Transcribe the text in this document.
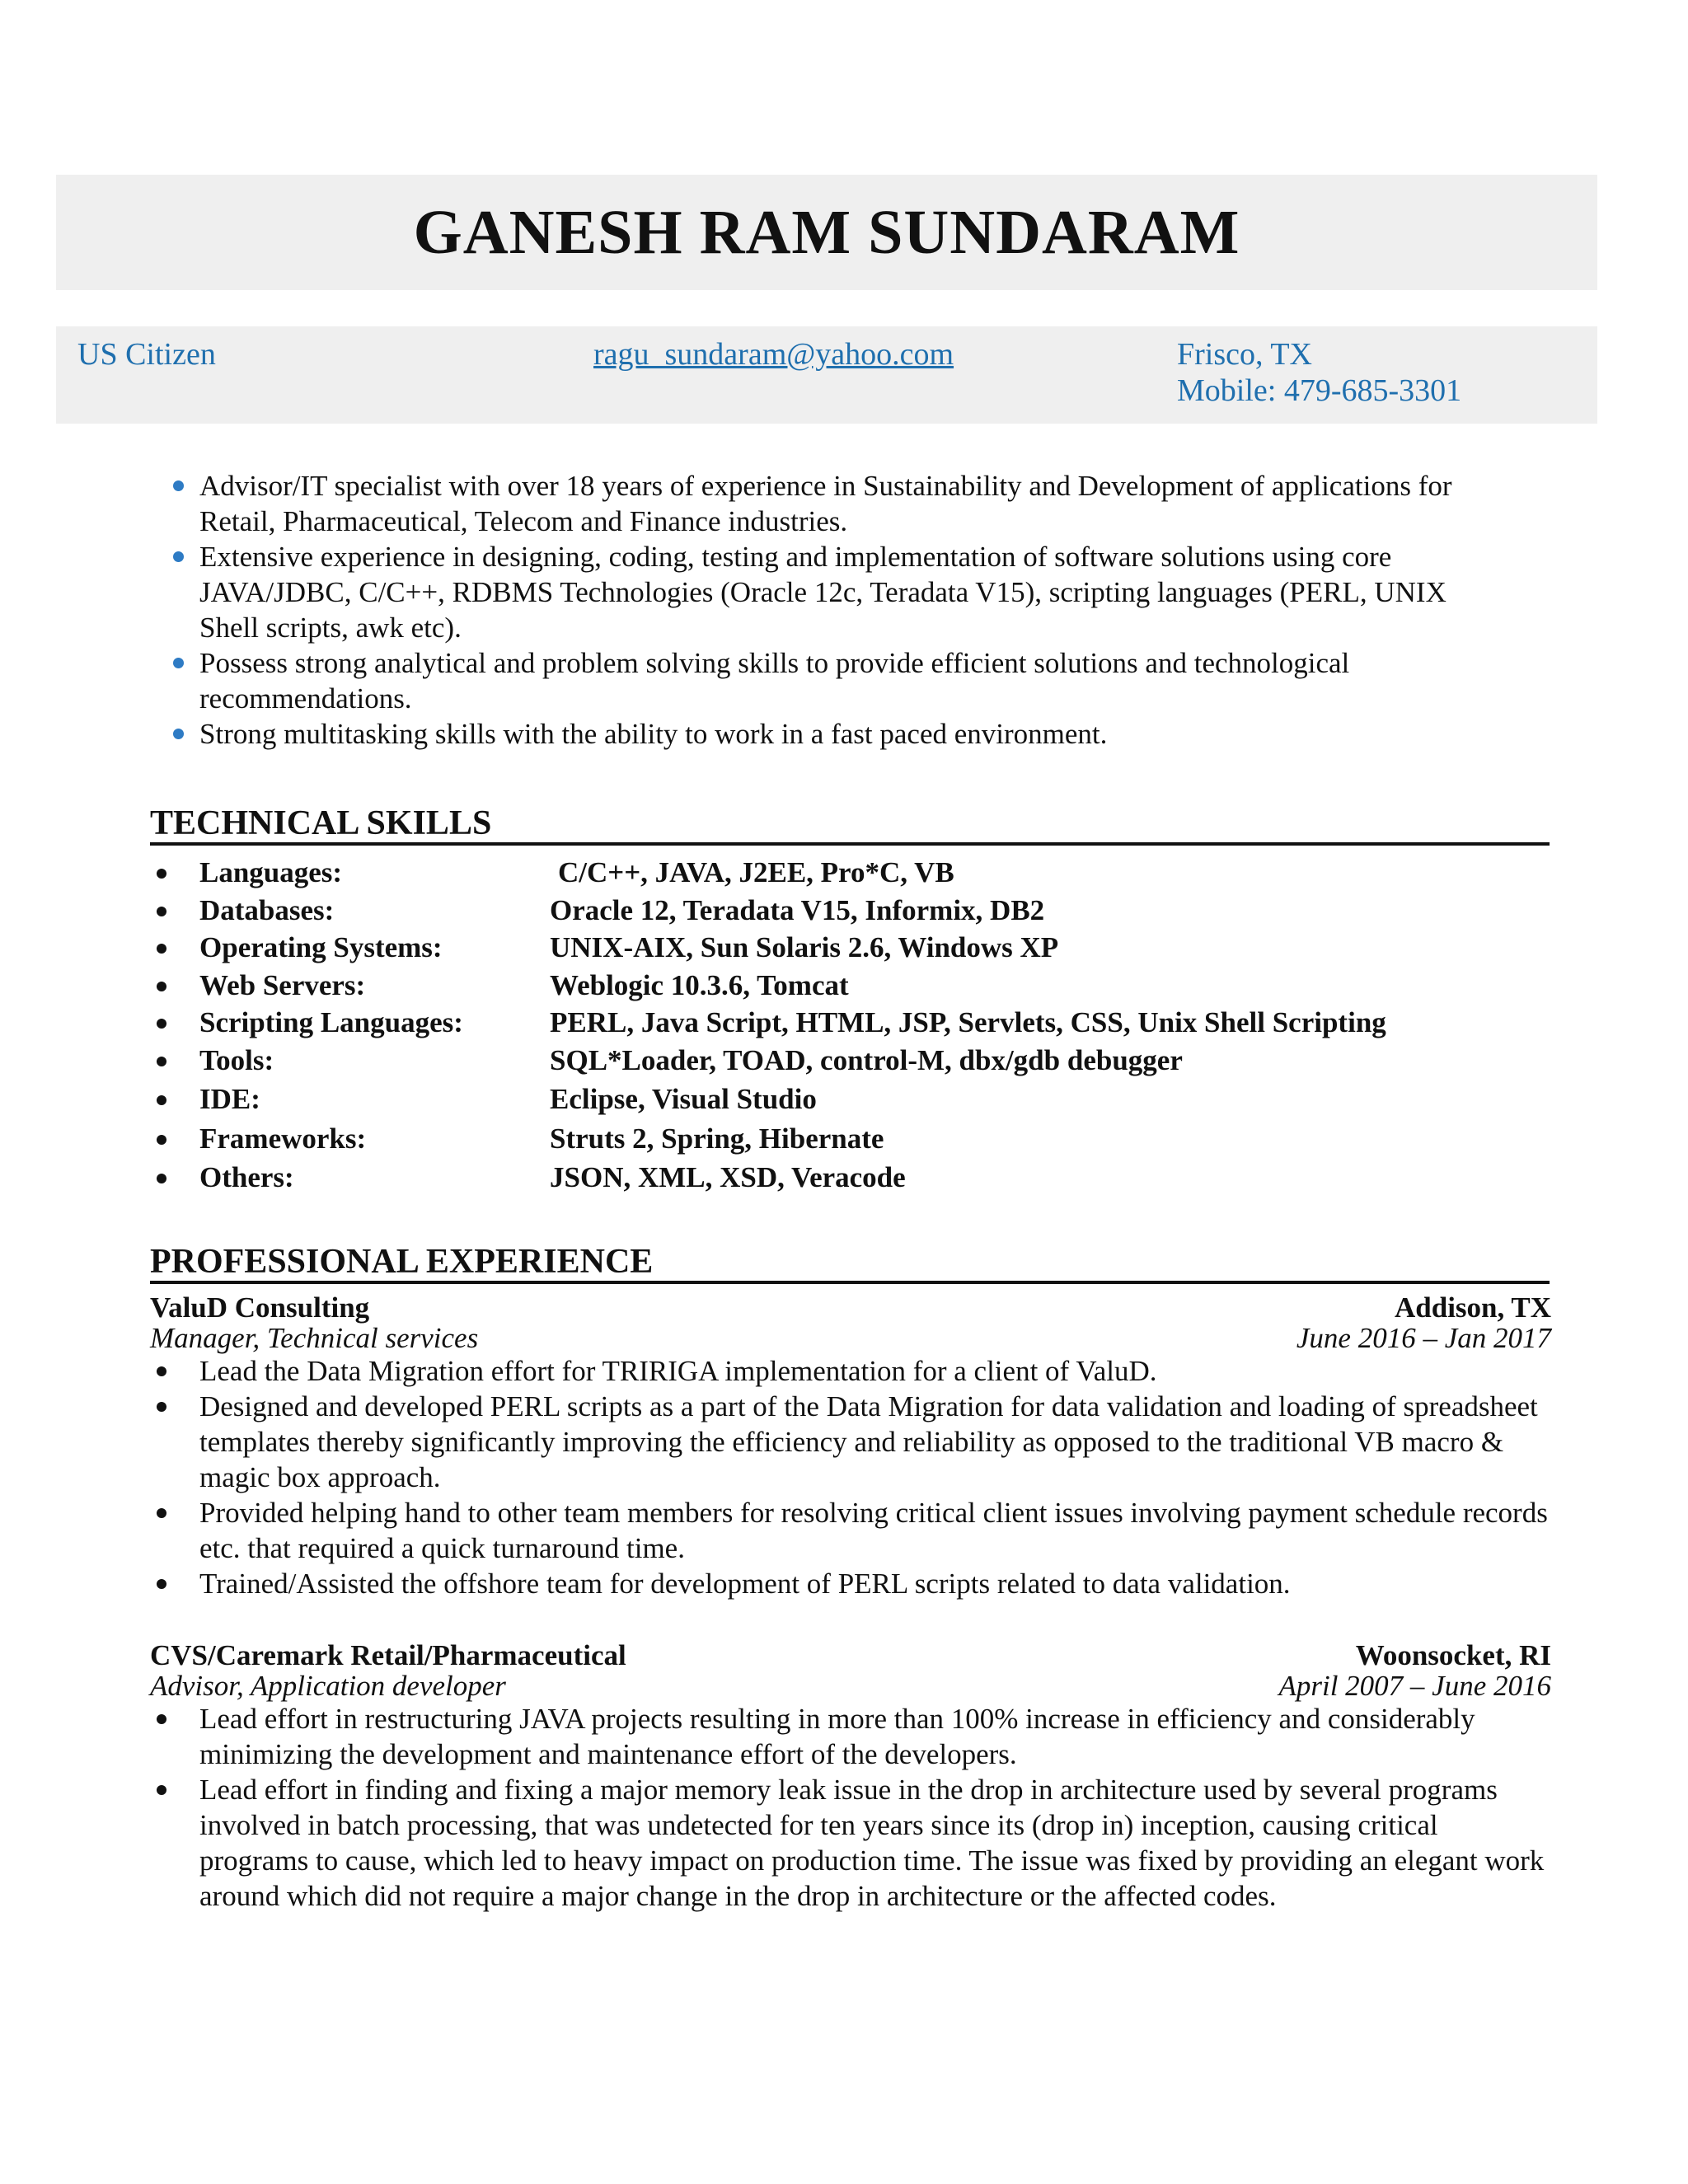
GANESH RAM SUNDARAM
US Citizen	ragu_sundaram@yahoo.com	Frisco, TX
Mobile: 479-685-3301
Advisor/IT specialist with over 18 years of experience in Sustainability and Development of applications for Retail, Pharmaceutical, Telecom and Finance industries.
Extensive experience in designing, coding, testing and implementation of software solutions using core JAVA/JDBC, C/C++, RDBMS Technologies (Oracle 12c, Teradata V15), scripting languages (PERL, UNIX Shell scripts, awk etc).
Possess strong analytical and problem solving skills to provide efficient solutions and technological recommendations.
Strong multitasking skills with the ability to work in a fast paced environment.
TECHNICAL SKILLS
Languages:	C/C++, JAVA, J2EE, Pro*C, VB
Databases:	Oracle 12, Teradata V15, Informix, DB2
Operating Systems:	UNIX-AIX, Sun Solaris 2.6, Windows XP
Web Servers:	Weblogic 10.3.6, Tomcat
Scripting Languages:	PERL, Java Script, HTML, JSP, Servlets, CSS, Unix Shell Scripting
Tools:	SQL*Loader, TOAD, control-M, dbx/gdb debugger
IDE:	Eclipse, Visual Studio
Frameworks:	Struts 2, Spring, Hibernate
Others:	JSON, XML, XSD, Veracode
PROFESSIONAL EXPERIENCE
ValuD Consulting	Addison, TX
Manager, Technical services	June 2016 – Jan 2017
Lead the Data Migration effort for TRIRIGA implementation for a client of ValuD.
Designed and developed PERL scripts as a part of the Data Migration for data validation and loading of spreadsheet templates thereby significantly improving the efficiency and reliability as opposed to the traditional VB macro & magic box approach.
Provided helping hand to other team members for resolving critical client issues involving payment schedule records etc. that required a quick turnaround time.
Trained/Assisted the offshore team for development of PERL scripts related to data validation.
CVS/Caremark Retail/Pharmaceutical	Woonsocket, RI
Advisor, Application developer	April 2007 – June 2016
Lead effort in restructuring JAVA projects resulting in more than 100% increase in efficiency and considerably minimizing the development and maintenance effort of the developers.
Lead effort in finding and fixing a major memory leak issue in the drop in architecture used by several programs involved in batch processing, that was undetected for ten years since its (drop in) inception, causing critical programs to cause, which led to heavy impact on production time. The issue was fixed by providing an elegant work around which did not require a major change in the drop in architecture or the affected codes.
